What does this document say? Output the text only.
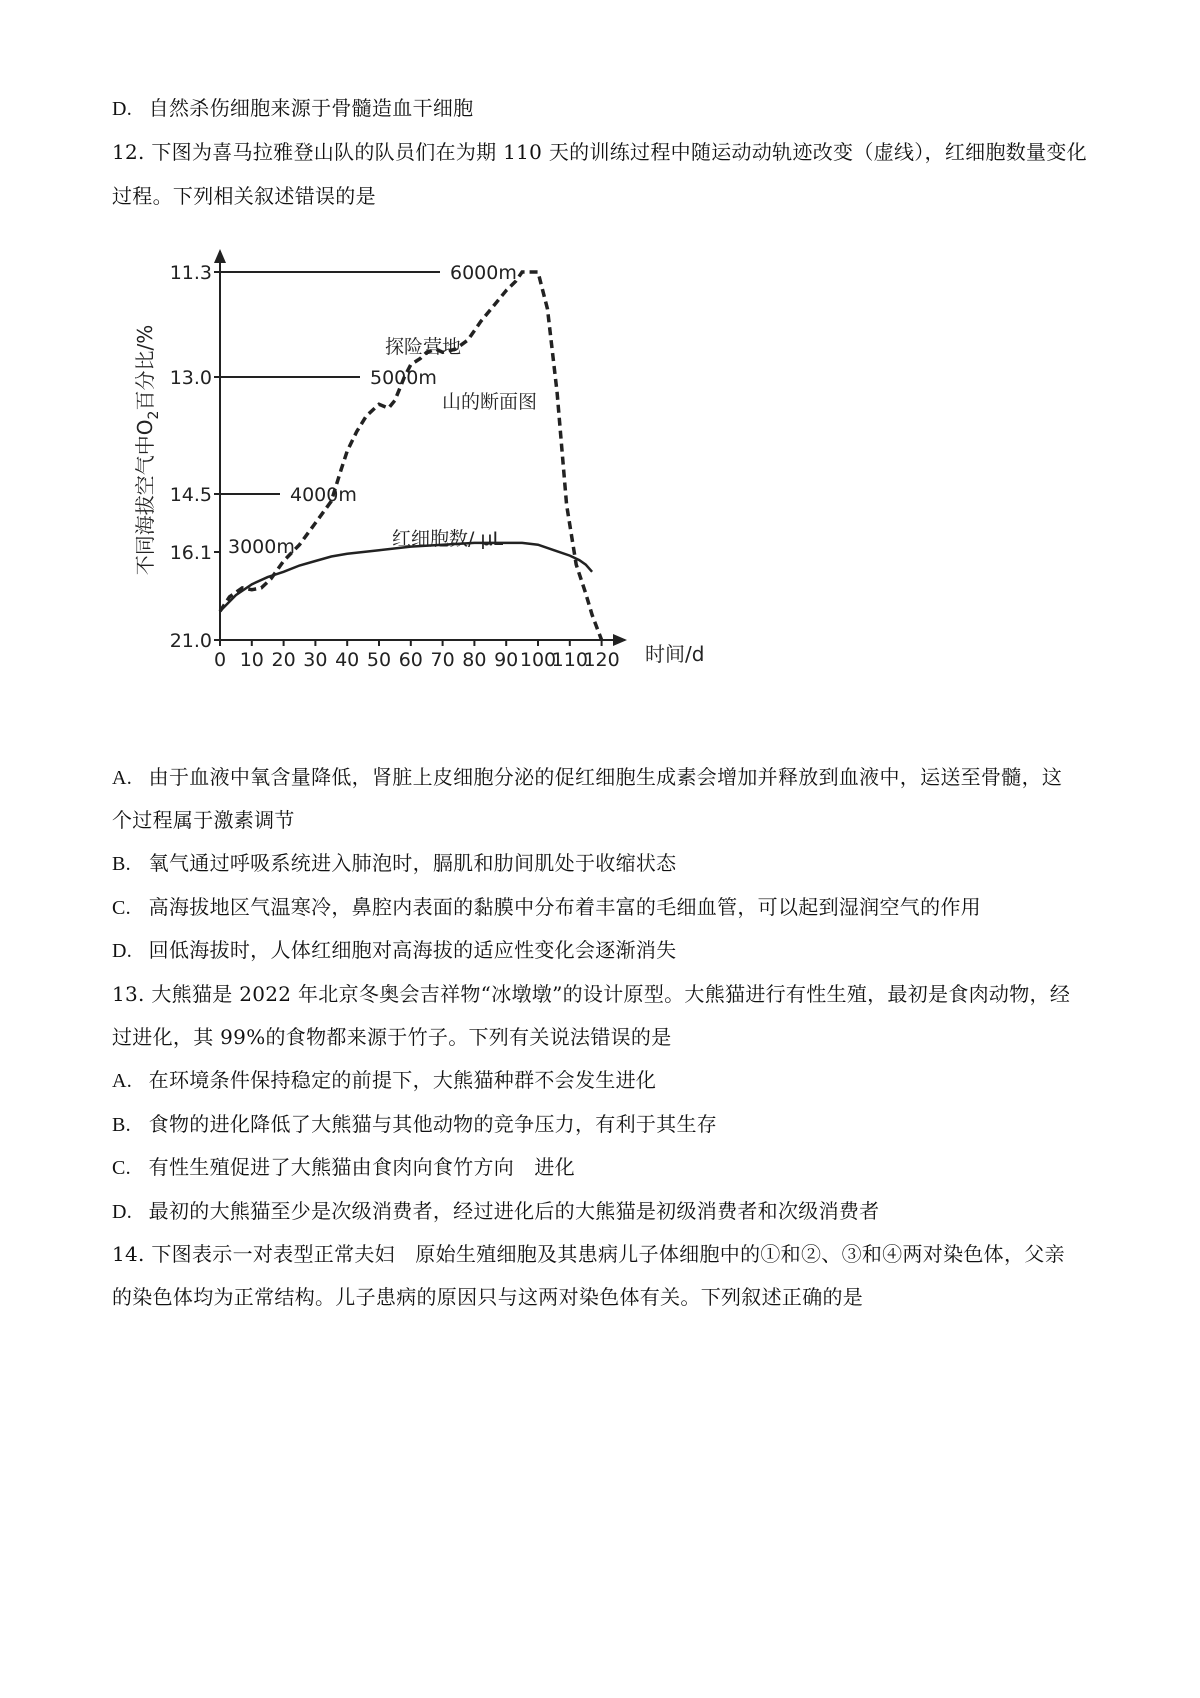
D. 自然杀伤细胞来源于骨髓造血干细胞
12. 下图为喜马拉雅登山队的队员们在为期 110 天的训练过程中随运动动轨迹改变（虚线），红细胞数量变化
过程。下列相关叙述错误的是
6000m
5000m
4000m
3000m
11.3
13.0
14.5
16.1
21.0
0 10 20 30 40 50 60 70 80 90 100
110
120
探险营地
山的断面图
红细胞数/ μL
时间/d
不同海拔空气中$O_2$百分比/%
A. 由于血液中氧含量降低，肾脏上皮细胞分泌的促红细胞生成素会增加并释放到血液中，运送至骨髓，这
个过程属于激素调节
B. 氧气通过呼吸系统进入肺泡时，膈肌和肋间肌处于收缩状态
C. 高海拔地区气温寒冷，鼻腔内表面的黏膜中分布着丰富的毛细血管，可以起到湿润空气的作用
D. 回低海拔时，人体红细胞对高海拔的适应性变化会逐渐消失
13. 大熊猫是 2022 年北京冬奥会吉祥物“冰墩墩”的设计原型。大熊猫进行有性生殖，最初是食肉动物，经
过进化，其 99%的食物都来源于竹子。下列有关说法错误的是
A. 在环境条件保持稳定的前提下，大熊猫种群不会发生进化
B. 食物的进化降低了大熊猫与其他动物的竞争压力，有利于其生存
C. 有性生殖促进了大熊猫由食肉向食竹方向　进化
D. 最初的大熊猫至少是次级消费者，经过进化后的大熊猫是初级消费者和次级消费者
14. 下图表示一对表型正常夫妇　原始生殖细胞及其患病儿子体细胞中的①和②、③和④两对染色体，父亲
的染色体均为正常结构。儿子患病的原因只与这两对染色体有关。下列叙述正确的是
